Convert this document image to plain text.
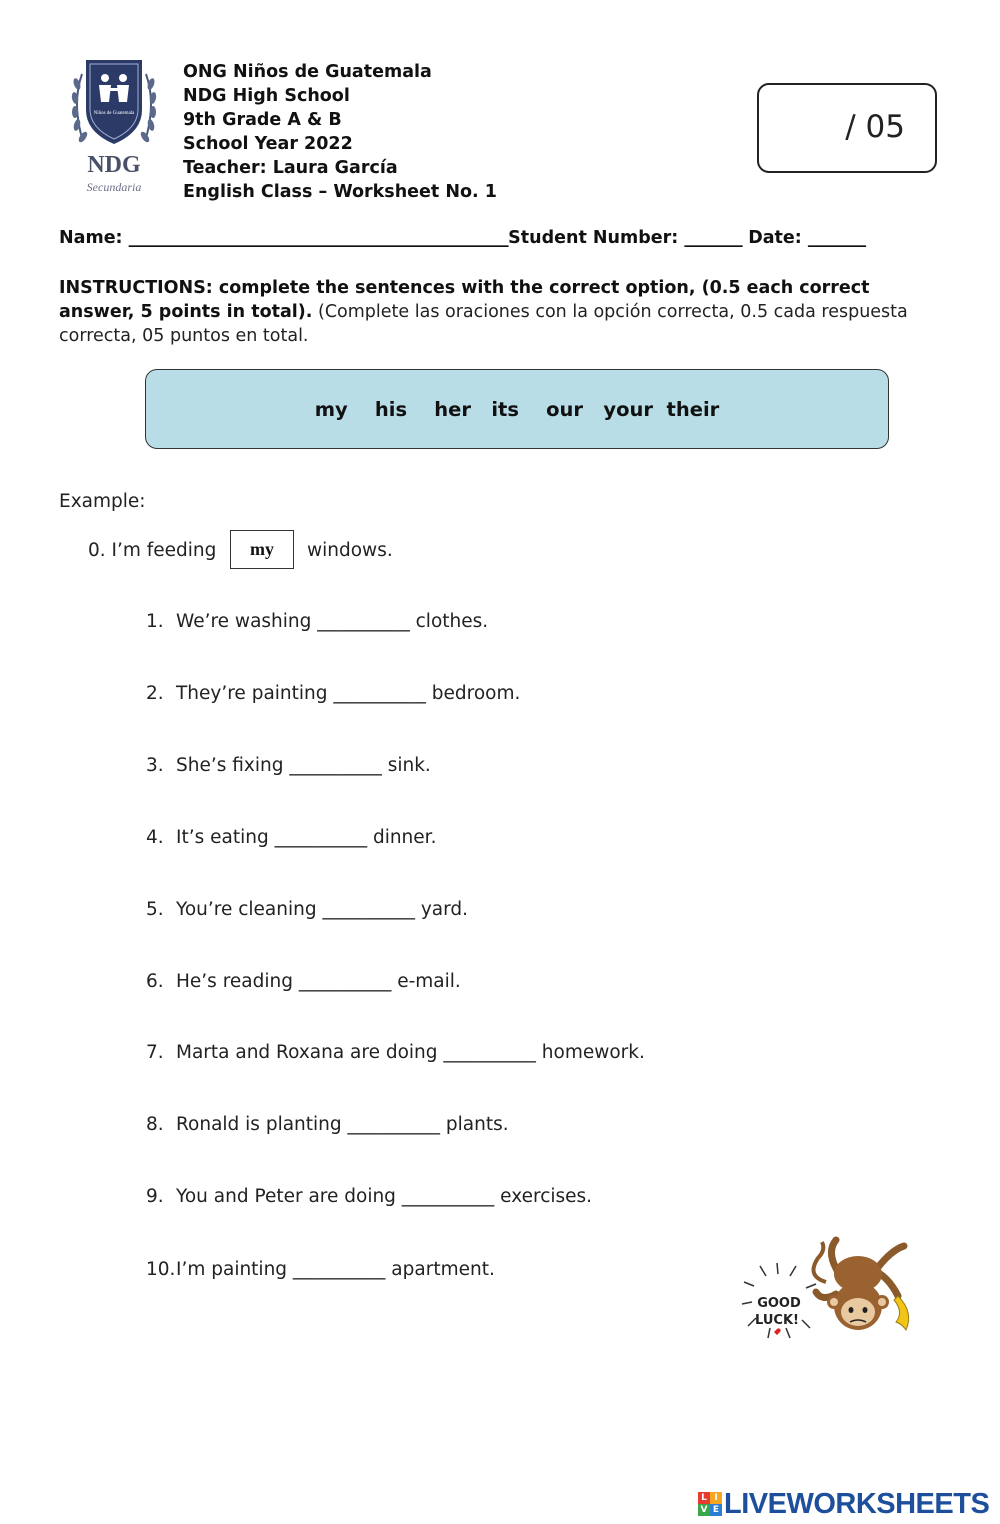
Niños de Guatemala
NDG
Secundaria
ONG Niños de Guatemala
NDG High School
9th Grade A & B
School Year 2022
Teacher: Laura García
English Class – Worksheet No. 1
/ 05
Name: ______________________________________________Student Number: _______ Date: _______
INSTRUCTIONS: complete the sentences with the correct option, (0.5 each correct answer, 5 points in total). (Complete las oraciones con la opción correcta, 0.5 cada respuesta correcta, 05 puntos en total.
my    his    her   its    our   your  their
Example:
0. I’m feeding	my	windows.
1. We’re washing __________ clothes.
2. They’re painting __________ bedroom.
3. She’s fixing __________ sink.
4. It’s eating __________ dinner.
5. You’re cleaning __________ yard.
6. He’s reading __________ e-mail.
7. Marta and Roxana are doing __________ homework.
8. Ronald is planting __________ plants.
9. You and Peter are doing __________ exercises.
10.I’m painting __________ apartment.
GOOD
LUCK!
L I
V E LIVEWORKSHEETS
